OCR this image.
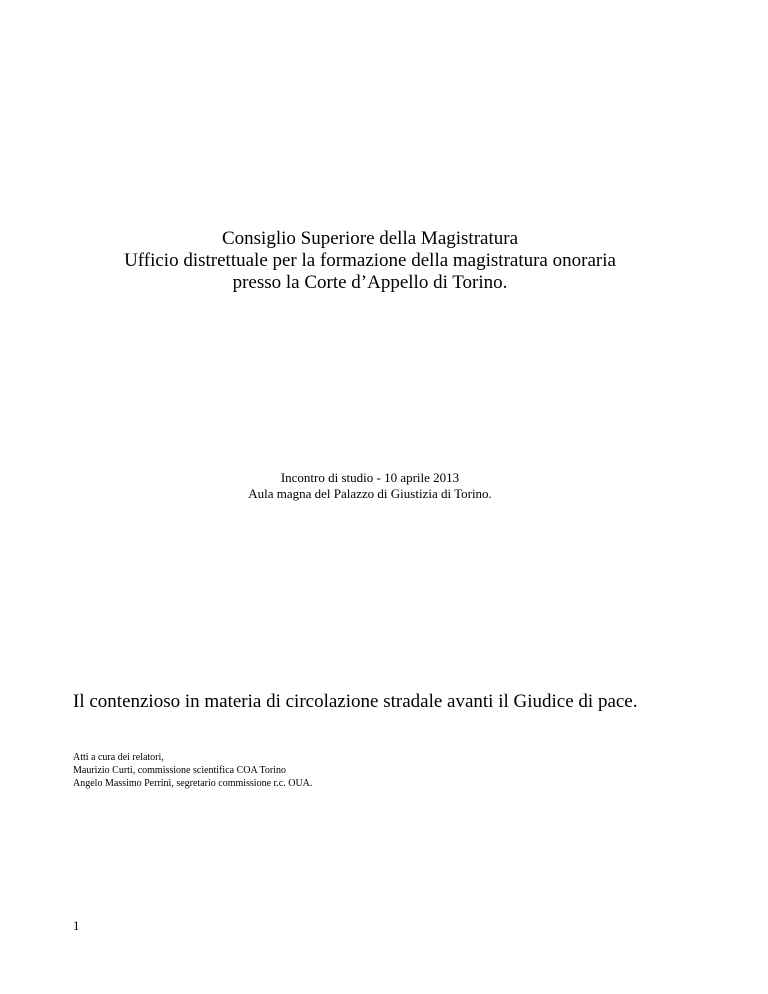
Consiglio Superiore della Magistratura

Ufficio distrettuale per la formazione della magistratura onoraria

presso la Corte d’Appello di Torino.

Incontro di studio - 10 aprile 2013

Aula magna del Palazzo di Giustizia di Torino.

Il contenzioso in materia di circolazione stradale avanti il Giudice di pace.

Atti a cura dei relatori,

Maurizio Curti, commissione scientifica COA Torino

Angelo Massimo Perrini, segretario commissione r.c. OUA.

1
